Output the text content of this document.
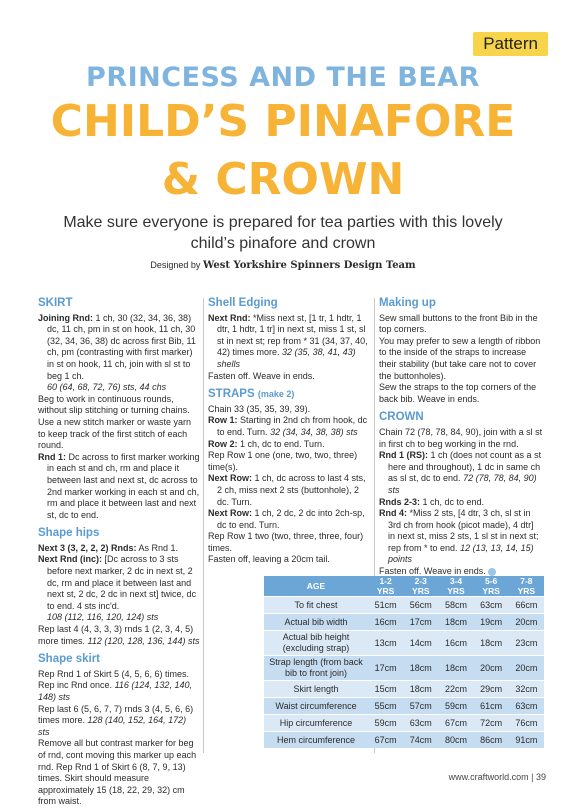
Pattern
PRINCESS AND THE BEAR
CHILD’S PINAFORE
& CROWN
Make sure everyone is prepared for tea parties with this lovely child’s pinafore and crown
Designed by West Yorkshire Spinners Design Team
SKIRT

Joining Rnd: 1 ch, 30 (32, 34, 36, 38) dc, 11 ch, pm in st on hook, 11 ch, 30 (32, 34, 36, 38) dc across first Bib, 11 ch, pm (contrasting with first marker) in st on hook, 11 ch, join with sl st to beg 1 ch.
60 (64, 68, 72, 76) sts, 44 chs

Beg to work in continuous rounds, without slip stitching or turning chains. Use a new stitch marker or waste yarn to keep track of the first stitch of each round.

Rnd 1: Dc across to first marker working in each st and ch, rm and place it between last and next st, dc across to 2nd marker working in each st and ch, rm and place it between last and next st, dc to end.

Shape hips

Next 3 (3, 2, 2, 2) Rnds: As Rnd 1.

Next Rnd (inc): [Dc across to 3 sts before next marker, 2 dc in next st, 2 dc, rm and place it between last and next st, 2 dc, 2 dc in next st] twice, dc to end. 4 sts inc'd.
108 (112, 116, 120, 124) sts

Rep last 4 (4, 3, 3, 3) rnds 1 (2, 3, 4, 5) more times. 112 (120, 128, 136, 144) sts

Shape skirt

Rep Rnd 1 of Skirt 5 (4, 5, 6, 6) times.

Rep inc Rnd once. 116 (124, 132, 140, 148) sts

Rep last 6 (5, 6, 7, 7) rnds 3 (4, 5, 6, 6) times more. 128 (140, 152, 164, 172) sts

Remove all but contrast marker for beg of rnd, cont moving this marker up each rnd. Rep Rnd 1 of Skirt 6 (8, 7, 9, 13) times. Skirt should measure approximately 15 (18, 22, 29, 32) cm from waist.

Shell Edging

Next Rnd: *Miss next st, [1 tr, 1 hdtr, 1 dtr, 1 hdtr, 1 tr] in next st, miss 1 st, sl st in next st; rep from * 31 (34, 37, 40, 42) times more. 32 (35, 38, 41, 43) shells

Fasten off. Weave in ends.

STRAPS (make 2)

Chain 33 (35, 35, 39, 39).

Row 1: Starting in 2nd ch from hook, dc to end. Turn. 32 (34, 34, 38, 38) sts

Row 2: 1 ch, dc to end. Turn.

Rep Row 1 one (one, two, two, three) time(s).

Next Row: 1 ch, dc across to last 4 sts, 2 ch, miss next 2 sts (buttonhole), 2 dc. Turn.

Next Row: 1 ch, 2 dc, 2 dc into 2ch-sp, dc to end. Turn.

Rep Row 1 two (two, three, three, four) times.

Fasten off, leaving a 20cm tail.

Making up

Sew small buttons to the front Bib in the top corners.
You may prefer to sew a length of ribbon to the inside of the straps to increase their stability (but take care not to cover the buttonholes).
Sew the straps to the top corners of the back bib. Weave in ends.

CROWN

Chain 72 (78, 78, 84, 90), join with a sl st in first ch to beg working in the rnd.

Rnd 1 (RS): 1 ch (does not count as a st here and throughout), 1 dc in same ch as sl st, dc to end. 72 (78, 78, 84, 90) sts

Rnds 2-3: 1 ch, dc to end.

Rnd 4: *Miss 2 sts, [4 dtr, 3 ch, sl st in 3rd ch from hook (picot made), 4 dtr] in next st, miss 2 sts, 1 sl st in next st; rep from * to end. 12 (13, 13, 14, 15) points

Fasten off. Weave in ends.

AGE	1-2 YRS	2-3 YRS	3-4 YRS	5-6 YRS	7-8 YRS
To fit chest	51cm	56cm	58cm	63cm	66cm
Actual bib width	16cm	17cm	18cm	19cm	20cm
Actual bib height (excluding strap)	13cm	14cm	16cm	18cm	23cm
Strap length (from back bib to front join)	17cm	18cm	18cm	20cm	20cm
Skirt length	15cm	18cm	22cm	29cm	32cm
Waist circumference	55cm	57cm	59cm	61cm	63cm
Hip circumference	59cm	63cm	67cm	72cm	76cm
Hem circumference	67cm	74cm	80cm	86cm	91cm
www.craftworld.com | 39
